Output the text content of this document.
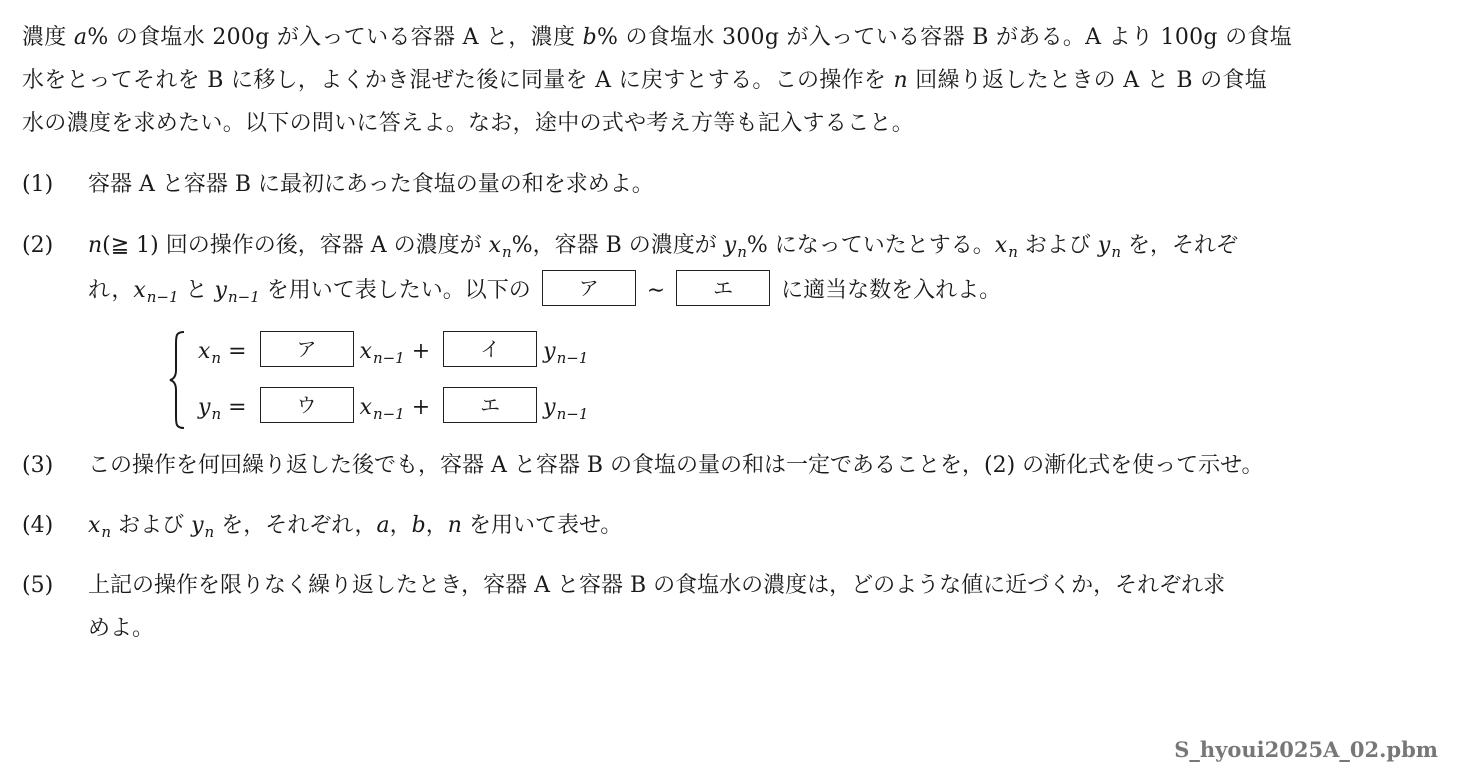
濃度 a% の食塩水 200g が入っている容器 A と，濃度 b% の食塩水 300g が入っている容器 B がある。A より 100g の食塩
水をとってそれを B に移し，よくかき混ぜた後に同量を A に戻すとする。この操作を n 回繰り返したときの A と B の食塩
水の濃度を求めたい。以下の問いに答えよ。なお，途中の式や考え方等も記入すること。
(1)	容器 A と容器 B に最初にあった食塩の量の和を求めよ。
(2)	n(≧ 1) 回の操作の後，容器 A の濃度が $x_n\%$，容器 B の濃度が $y_n\%$ になっていたとする。$x_n$ および $y_n$ を，それぞ
れ，$x_{n-1}$ と $y_{n-1}$ を用いて表したい。以下の ア ∼ エ に適当な数を入れよ。
$x_n$ = ア $x_{n-1}$ + イ $y_{n-1}$
$y_n$ = ウ $x_{n-1}$ + エ $y_{n-1}$
(3)	この操作を何回繰り返した後でも，容器 A と容器 B の食塩の量の和は一定であることを，(2) の漸化式を使って示せ。
(4)	$x_n$ および $y_n$ を，それぞれ，a，b，n を用いて表せ。
(5)	上記の操作を限りなく繰り返したとき，容器 A と容器 B の食塩水の濃度は，どのような値に近づくか，それぞれ求
めよ。
S_hyoui2025A_02.pbm
